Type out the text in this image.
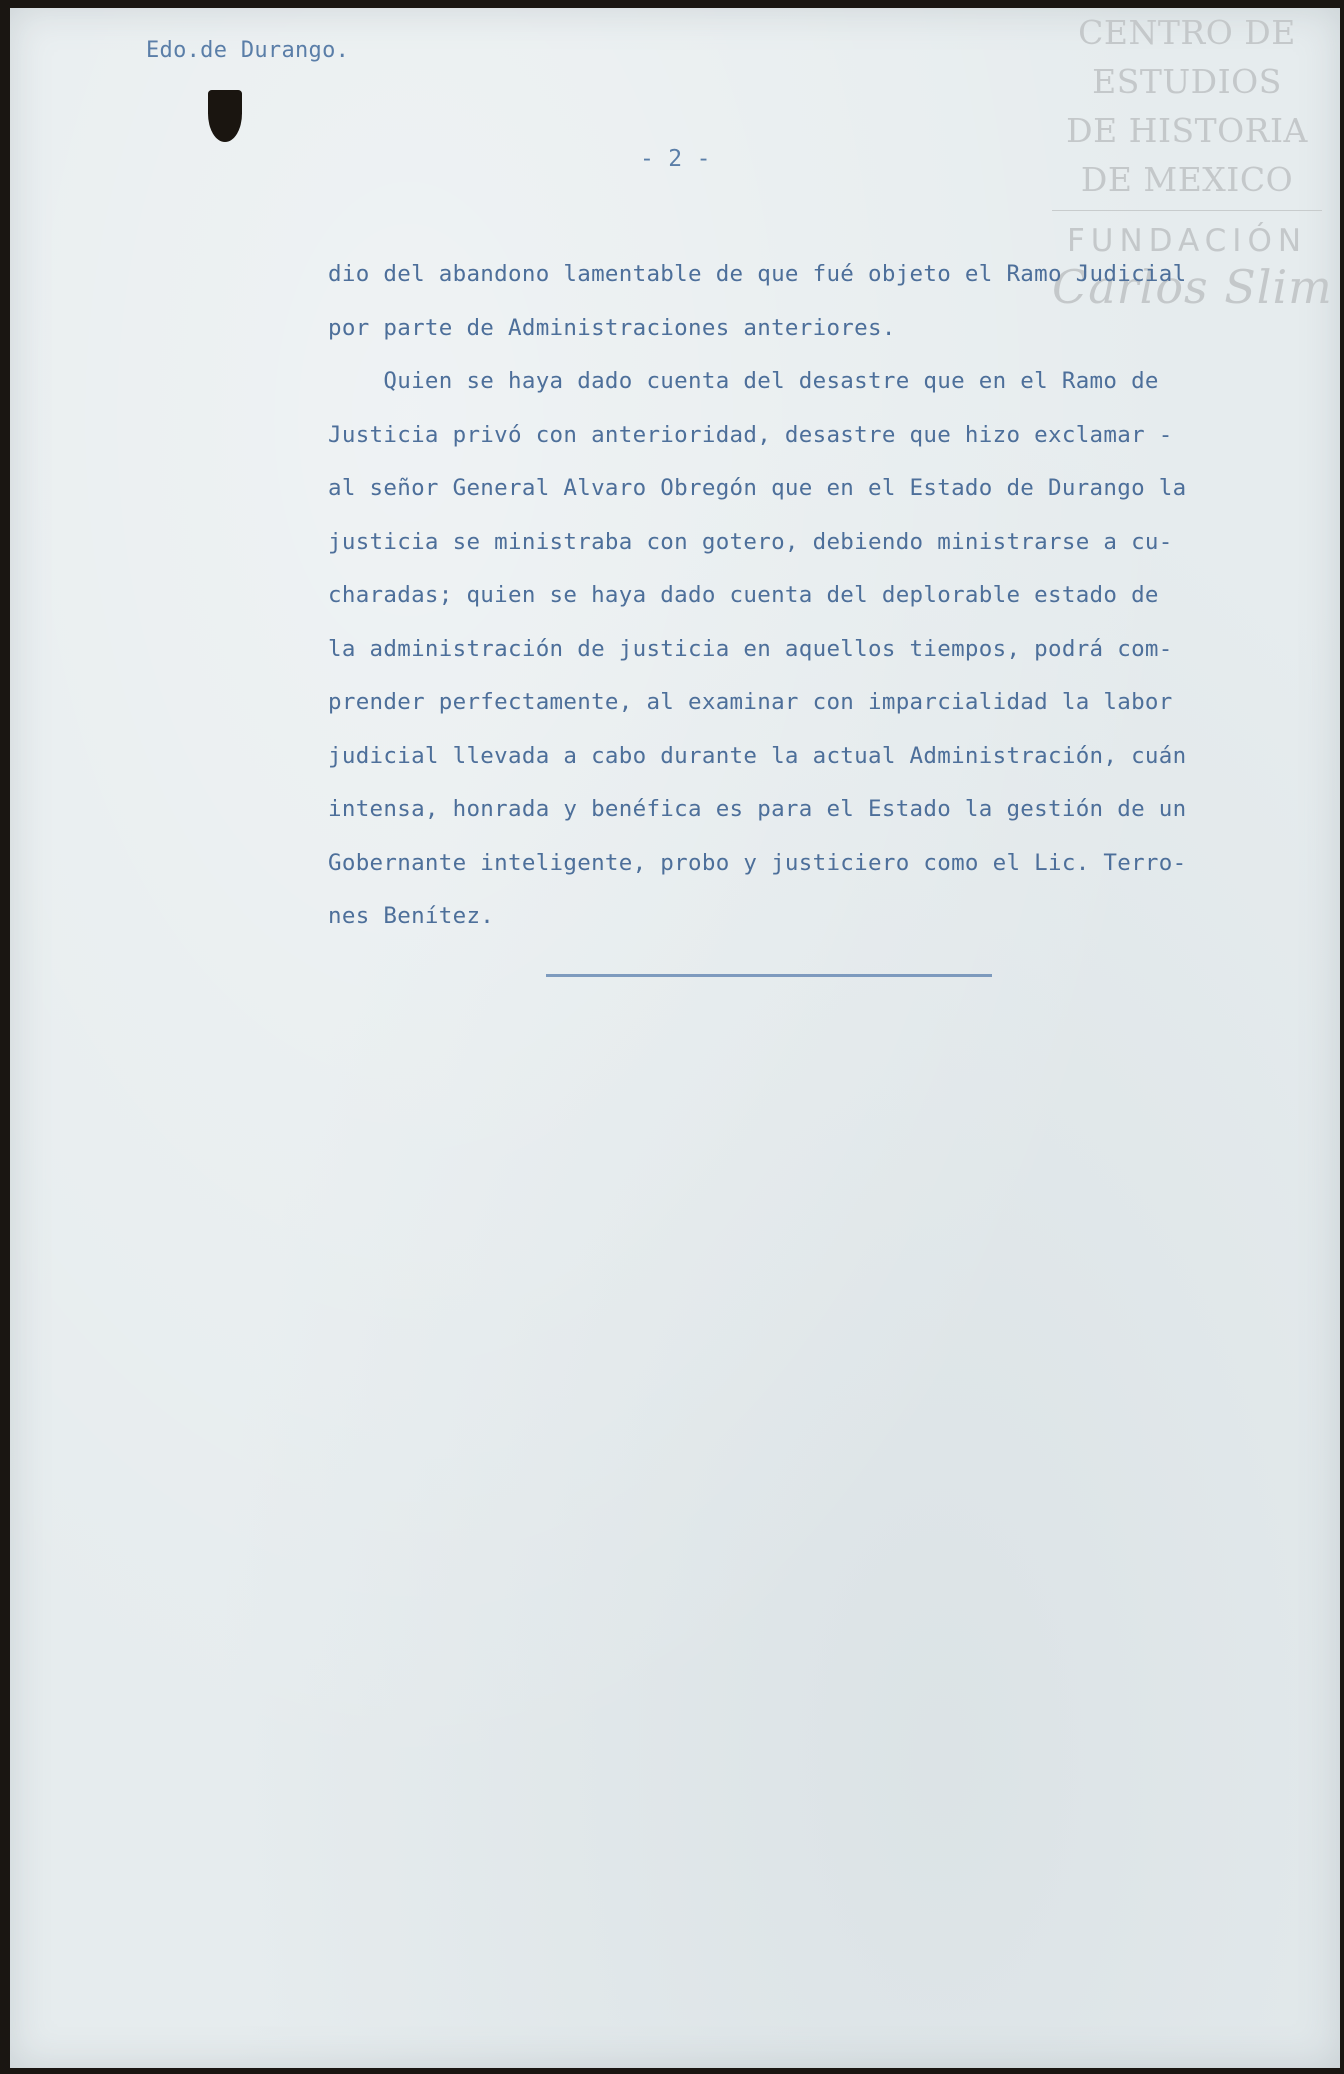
Edo.de Durango.
- 2 -
CENTRO DE
ESTUDIOS
DE HISTORIA
DE MEXICO
FUNDACIÓN
Carlos Slim
dio del abandono lamentable de que fué objeto el Ramo Judicial
por parte de Administraciones anteriores.
Quien se haya dado cuenta del desastre que en el Ramo de
Justicia privó con anterioridad, desastre que hizo exclamar -
al señor General Alvaro Obregón que en el Estado de Durango la
justicia se ministraba con gotero, debiendo ministrarse a cu-
charadas; quien se haya dado cuenta del deplorable estado de
la administración de justicia en aquellos tiempos, podrá com-
prender perfectamente, al examinar con imparcialidad la labor
judicial llevada a cabo durante la actual Administración, cuán
intensa, honrada y benéfica es para el Estado la gestión de un
Gobernante inteligente, probo y justiciero como el Lic. Terro-
nes Benítez.
